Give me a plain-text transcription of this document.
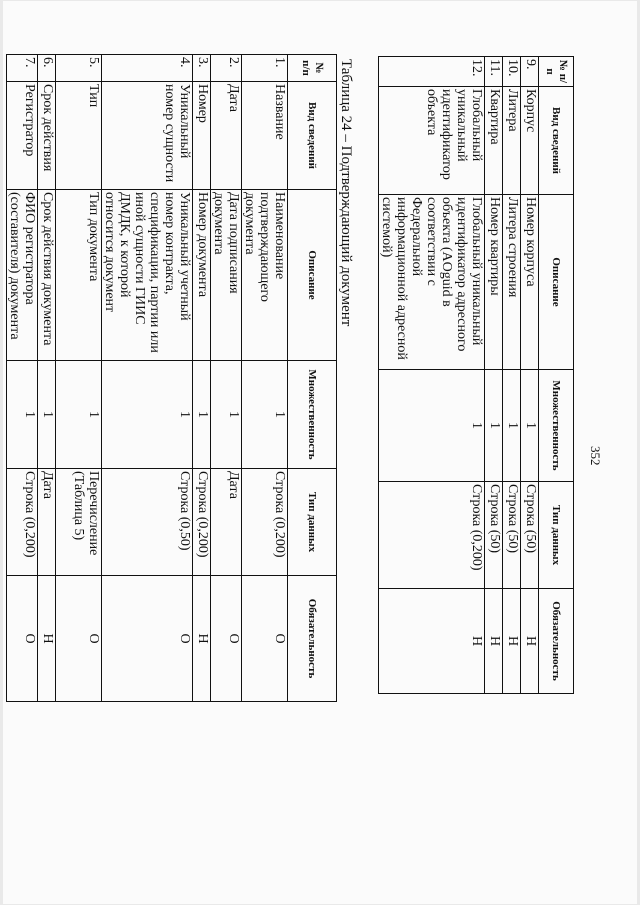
352
№ п/п	Вид сведений	Описание	Множественность	Тип данных	Обязательность
9.	Корпус	Номер корпуса	1	Строка (50)	Н
10.	Литера	Литера строения	1	Строка (50)	Н
11.	Квартира	Номер квартиры	1	Строка (50)	Н
12.	Глобальный уникальный идентификатор объекта	Глобальный уникальный идентификатор адресного объекта (AOguid в соответствии с Федеральной информационной адресной системой)	1	Строка (0,200)	Н
Таблица 24 – Подтверждающий документ
№ п/п	Вид сведений	Описание	Множественность	Тип данных	Обязательность
1.	Название	Наименование подтверждающего документа	1	Строка (0,200)	О
2.	Дата	Дата подписания документа	1	Дата	О
3.	Номер	Номер документа	1	Строка (0,200)	Н
4.	Уникальный номер сущности	Уникальный учетный номер контракта, спецификации, партии или иной сущности ГИИС ДМДК, к которой относится документ	1	Строка (0,50)	О
5.	Тип	Тип документа	1	Перечисление (Таблица 5)	О
6.	Срок действия	Срок действия документа	1	Дата	Н
7.	Регистратор	ФИО регистратора (составителя) документа	1	Строка (0,200)	О
